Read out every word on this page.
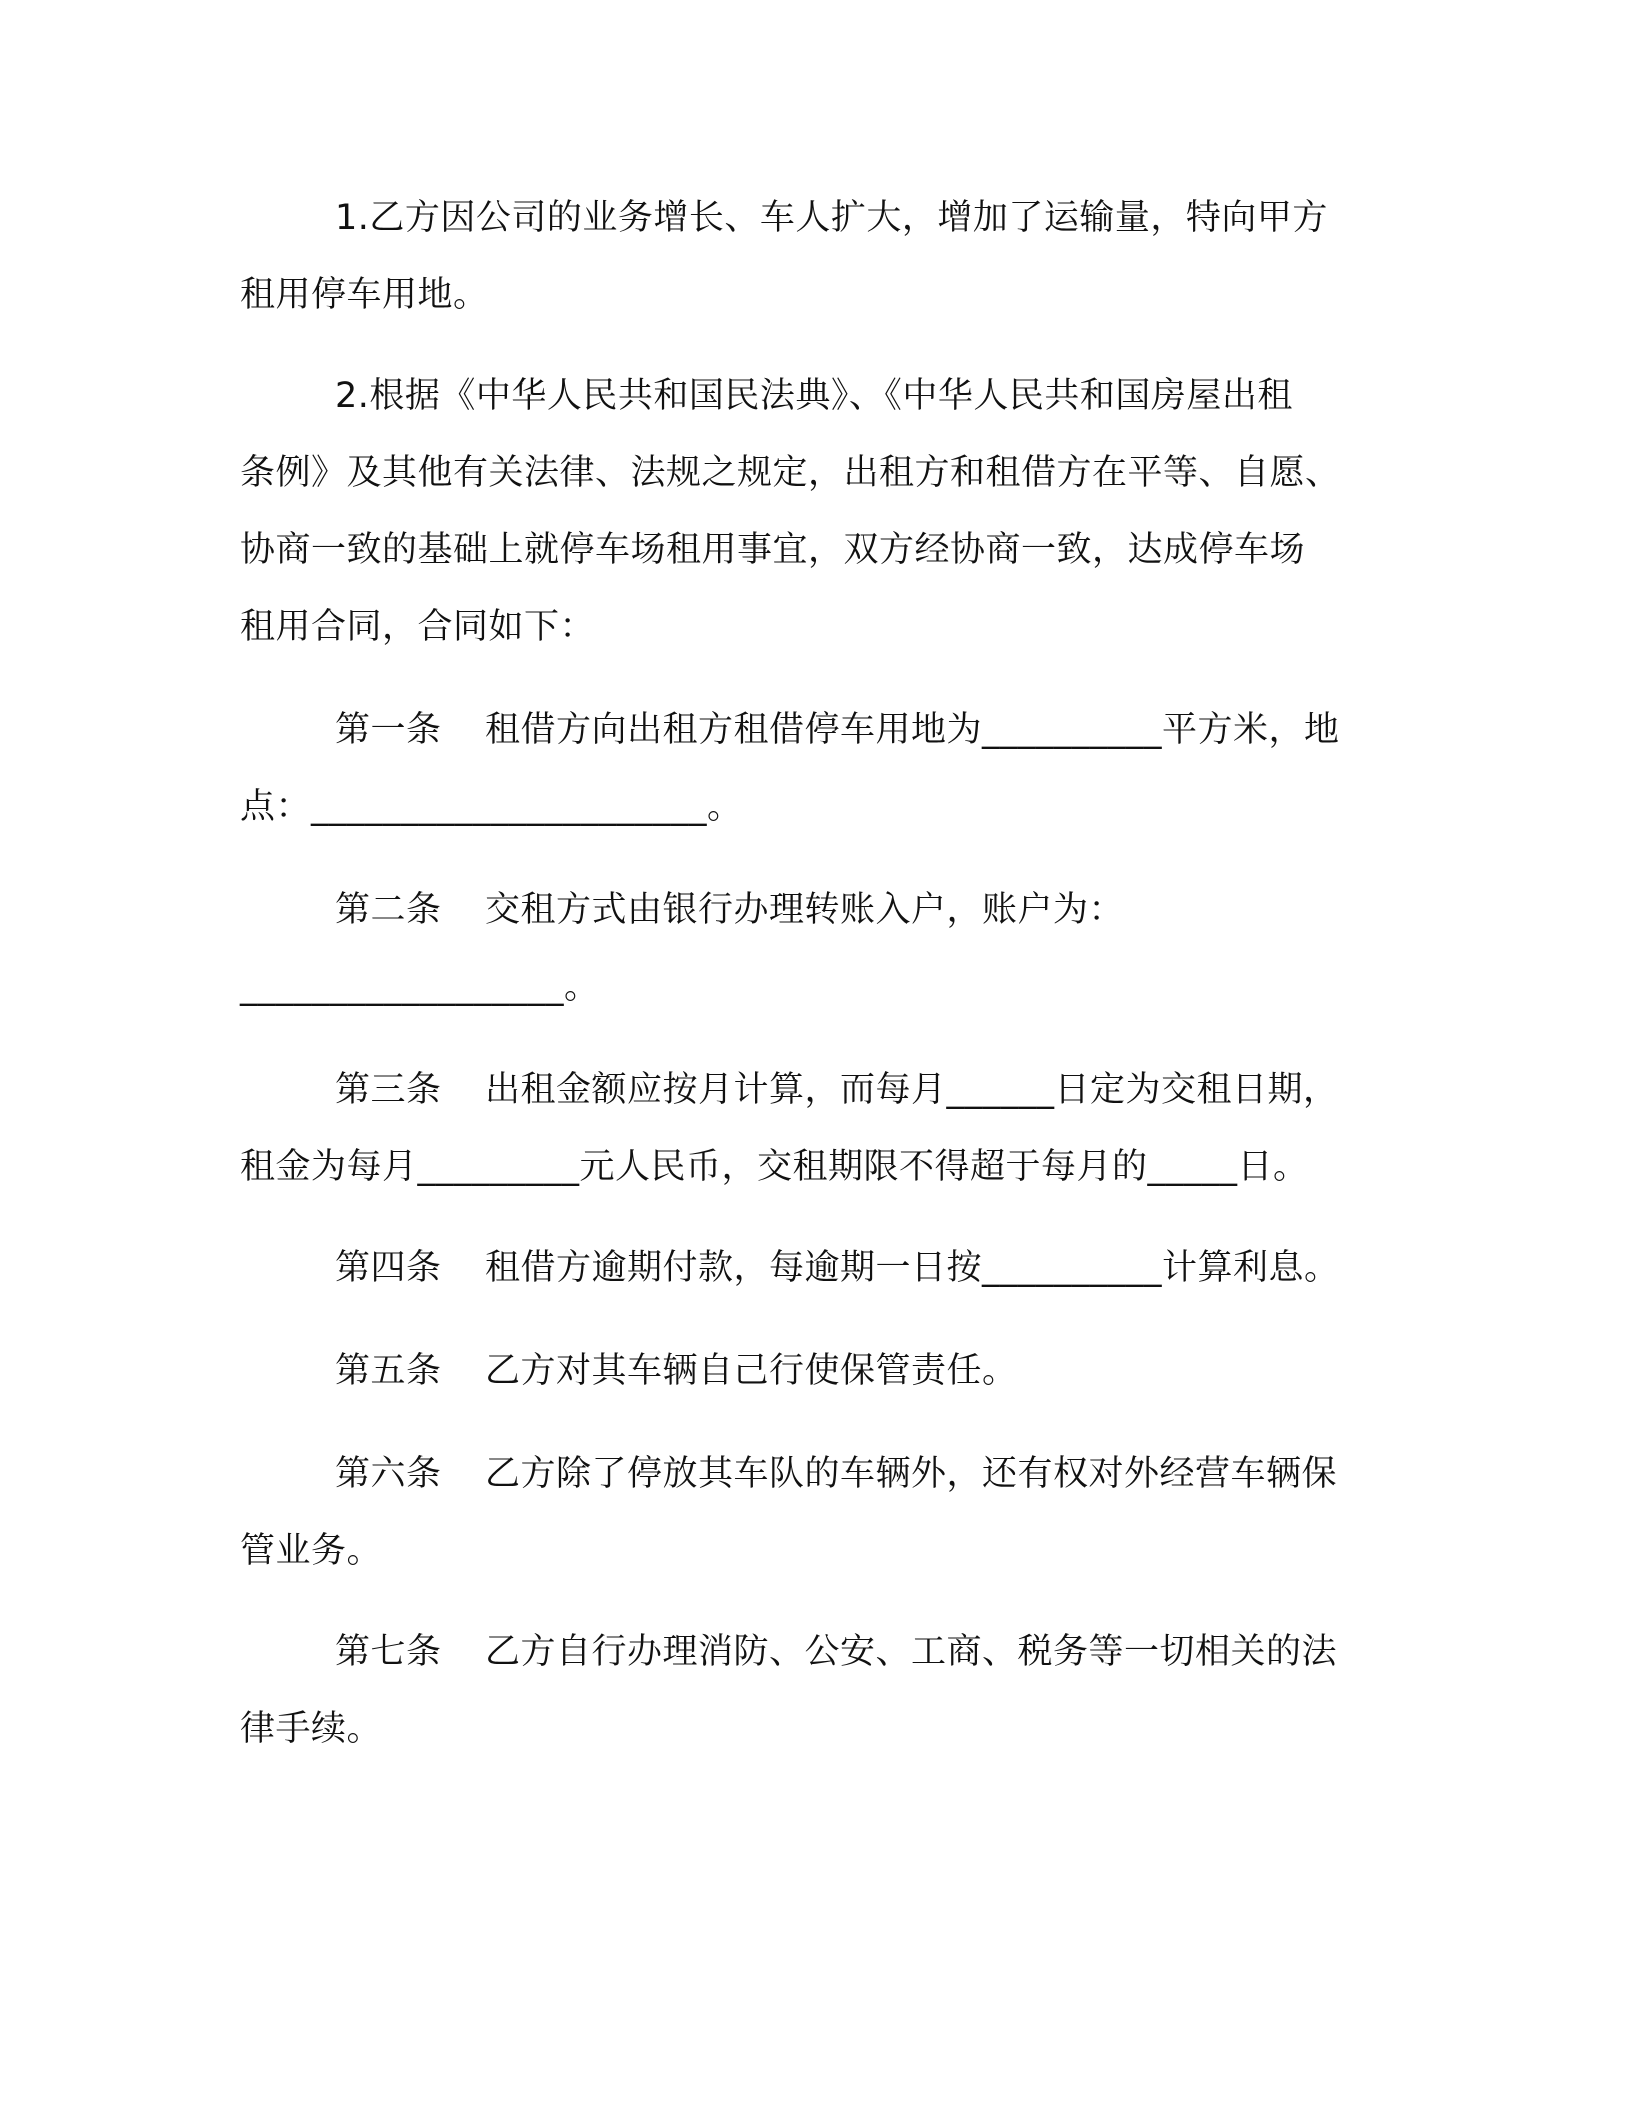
1.乙方因公司的业务增长、车人扩大，增加了运输量，特向甲方
租用停车用地。
2.根据《中华人民共和国民法典》、《中华人民共和国房屋出租
条例》及其他有关法律、法规之规定，出租方和租借方在平等、自愿、
协商一致的基础上就停车场租用事宜，双方经协商一致，达成停车场
租用合同，合同如下：
第一条 租借方向出租方租借停车用地为__________平方米，地
点：______________________。
第二条 交租方式由银行办理转账入户，账户为：
__________________。
第三条 出租金额应按月计算，而每月______日定为交租日期，
租金为每月_________元人民币，交租期限不得超于每月的_____日。
第四条 租借方逾期付款，每逾期一日按__________计算利息。
第五条 乙方对其车辆自己行使保管责任。
第六条 乙方除了停放其车队的车辆外，还有权对外经营车辆保
管业务。
第七条 乙方自行办理消防、公安、工商、税务等一切相关的法
律手续。
